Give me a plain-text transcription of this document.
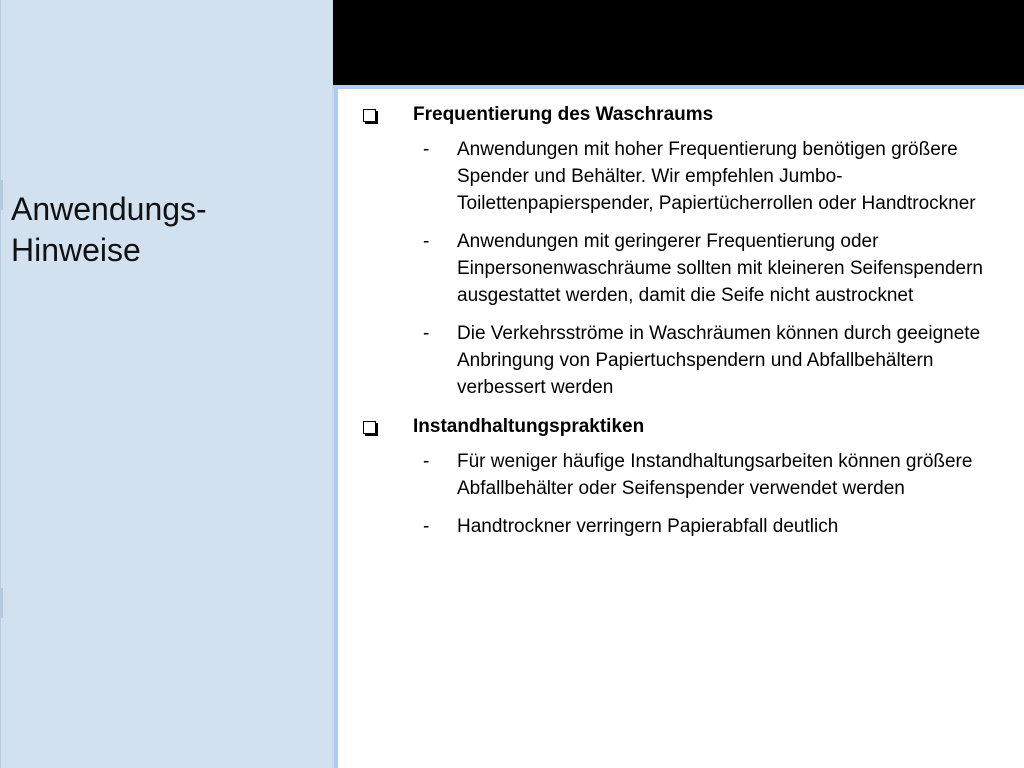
Anwendungs-Hinweise
Frequentierung des Waschraums
-	Anwendungen mit hoher Frequentierung benötigen größere Spender und Behälter. Wir empfehlen Jumbo-Toilettenpapierspender, Papiertücherrollen oder Handtrockner
-	Anwendungen mit geringerer Frequentierung oder Einpersonenwaschräume sollten mit kleineren Seifenspendern ausgestattet werden, damit die Seife nicht austrocknet
-	Die Verkehrsströme in Waschräumen können durch geeignete Anbringung von Papiertuchspendern und Abfallbehältern verbessert werden
Instandhaltungspraktiken
-	Für weniger häufige Instandhaltungsarbeiten können größere Abfallbehälter oder Seifenspender verwendet werden
-	Handtrockner verringern Papierabfall deutlich
